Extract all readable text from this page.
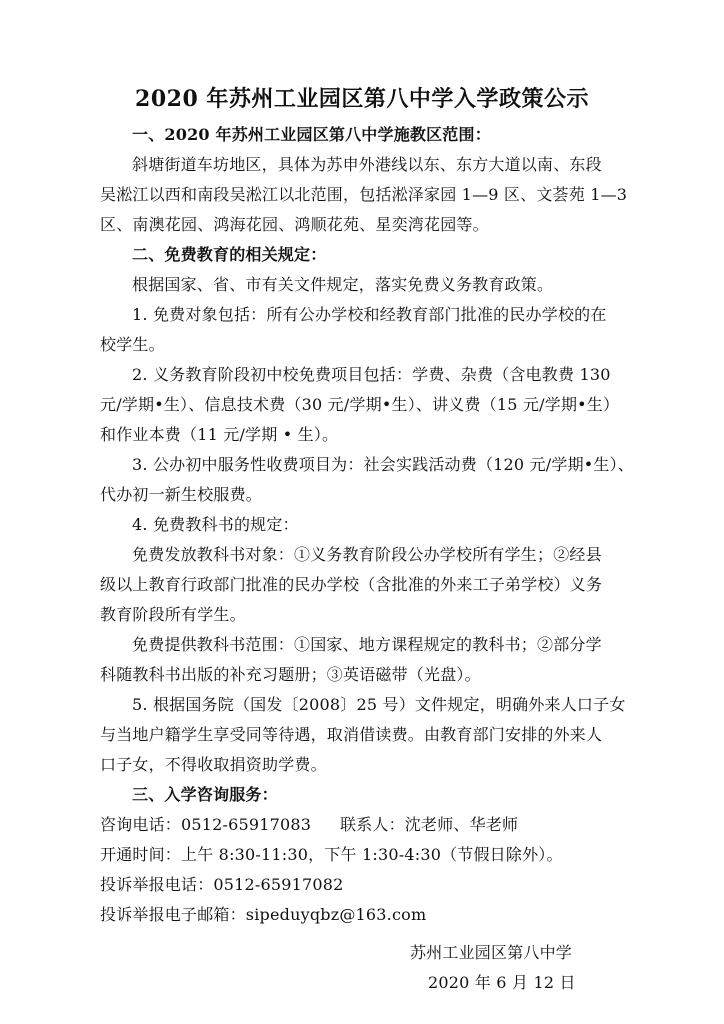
2020 年苏州工业园区第八中学入学政策公示
一、2020 年苏州工业园区第八中学施教区范围：
斜塘街道车坊地区，具体为苏申外港线以东、东方大道以南、东段
吴淞江以西和南段吴淞江以北范围，包括淞泽家园 1—9 区、文荟苑 1—3
区、南澳花园、鸿海花园、鸿顺花苑、星奕湾花园等。
二、免费教育的相关规定：
根据国家、省、市有关文件规定，落实免费义务教育政策。
1. 免费对象包括：所有公办学校和经教育部门批准的民办学校的在
校学生。
2. 义务教育阶段初中校免费项目包括：学费、杂费（含电教费 130
元/学期•生）、信息技术费（30 元/学期•生）、讲义费（15 元/学期•生）
和作业本费（11 元/学期 • 生）。
3. 公办初中服务性收费项目为：社会实践活动费（120 元/学期•生）、
代办初一新生校服费。
4. 免费教科书的规定：
免费发放教科书对象：①义务教育阶段公办学校所有学生；②经县
级以上教育行政部门批准的民办学校（含批准的外来工子弟学校）义务
教育阶段所有学生。
免费提供教科书范围：①国家、地方课程规定的教科书；②部分学
科随教科书出版的补充习题册；③英语磁带（光盘）。
5. 根据国务院（国发〔2008〕25 号）文件规定，明确外来人口子女
与当地户籍学生享受同等待遇，取消借读费。由教育部门安排的外来人
口子女，不得收取捐资助学费。
三、入学咨询服务：
咨询电话：0512-65917083 联系人：沈老师、华老师
开通时间：上午 8:30-11:30，下午 1:30-4:30（节假日除外）。
投诉举报电话：0512-65917082
投诉举报电子邮箱：sipeduyqbz@163.com
苏州工业园区第八中学
2020 年 6 月 12 日
